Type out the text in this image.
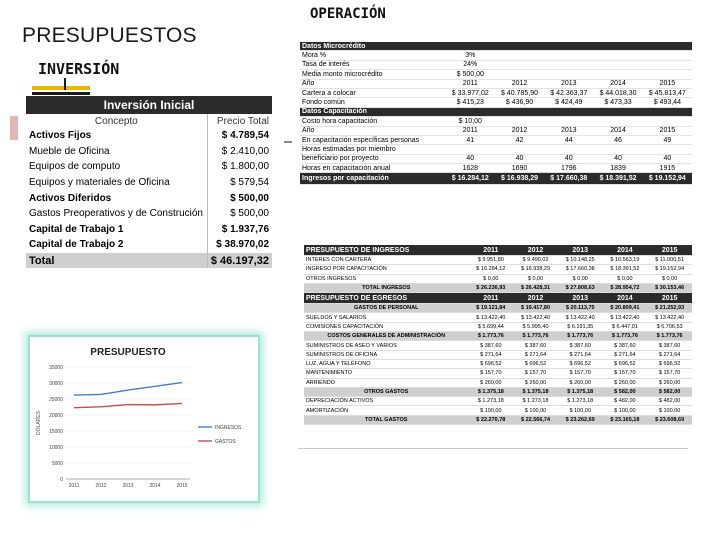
PRESUPUESTOS
OPERACIÓN
INVERSIÓN
Inversión Inicial	
Concepto	Precio Total
Activos Fijos	$ 4.789,54
Mueble de Oficina	$ 2.410,00
Equipos de computo	$ 1.800,00
Equipos y materiales de Oficina	$ 579,54
Activos Diferidos	$ 500,00
Gastos Preoperativos y de Construción	$ 500,00
Capital de Trabajo 1	$ 1.937,76
Capital de Trabajo 2	$ 38.970,02
Total	$ 46.197,32
Datos Microcrédito					
Mora %	3%				
Tasa de interés	24%				
Media monto microcrédito	$ 500,00				
Año	2011	2012	2013	2014	2015
Cartera a colocar	$ 33.977,02	$ 40.785,90	$ 42.363,37	$ 44.018,30	$ 45.813,47
Fondo común	$ 415,23	$ 436,90	$ 424,49	$ 473,33	$ 493,44
Datos Capacitación					
Costo hora capacitación	$ 10,00				
Año	2011	2012	2013	2014	2015
En capacitación específicas personas	41	42	44	46	49
Horas estimadas por miembro					
beneficiario por proyecto	40	40	40	40	40
Horas en capacitación anual	1628	1690	1796	1839	1915
Ingresos por capacitación	$ 16.284,12	$ 16.938,29	$ 17.660,38	$ 18.391,52	$ 19.152,94
PRESUPUESTO DE INGRESOS	2011	2012	2013	2014	2015
INTERES CON CARTERA	$ 9.951,80	$ 9.490,02	$ 10.148,25	$ 10.563,19	$ 11.000,51
INGRESO POR CAPACITACIÓN	$ 16.284,12	$ 16.938,29	$ 17.660,38	$ 18.391,52	$ 19.152,94
OTROS INGRESOS	$ 0,00	$ 0,00	$ 0,00	$ 0,00	$ 0,00
TOTAL INGRESOS	$ 26.236,93	$ 26.428,31	$ 27.808,63	$ 28.954,72	$ 30.153,46
PRESUPUESTO DE EGRESOS	2011	2012	2013	2014	2015
GASTOS DE PERSONAL	$ 19.121,84	$ 19.417,80	$ 20.113,75	$ 20.809,41	$ 21.252,93
SUELDOS Y SALARIOS	$ 13.422,40	$ 13.422,40	$ 13.422,40	$ 13.422,40	$ 13.422,40
COMISIONES CAPACITACIÓN	$ 5.699,44	$ 5.995,40	$ 6.191,35	$ 6.447,01	$ 6.706,53
COSTOS GENERALES DE ADMINISTRACIÓN	$ 1.773,76	$ 1.773,76	$ 1.773,76	$ 1.773,76	$ 1.773,76
SUMINISTROS DE ASEO Y VARIOS	$ 387,60	$ 387,60	$ 387,60	$ 387,60	$ 387,60
SUMINISTROS DE OFICINA	$ 271,64	$ 271,64	$ 271,64	$ 271,64	$ 271,64
LUZ, AGUA Y TELÉFONO	$ 696,52	$ 696,52	$ 696,52	$ 696,52	$ 696,52
MANTENIMIENTO	$ 157,70	$ 157,70	$ 157,70	$ 157,70	$ 157,70
ARRIENDO	$ 260,00	$ 260,00	$ 260,00	$ 260,00	$ 260,00
OTROS GASTOS	$ 1.375,18	$ 1.375,18	$ 1.375,18	$ 582,00	$ 582,00
DEPRECIACIÓN ACTIVOS	$ 1.273,18	$ 1.273,18	$ 1.273,18	$ 482,00	$ 482,00
AMORTIZACIÓN	$ 100,00	$ 100,00	$ 100,00	$ 100,00	$ 100,00
TOTAL GASTOS	$ 22.270,78	$ 22.566,74	$ 23.262,69	$ 23.165,18	$ 23.608,69
PRESUPUESTO
DÓLARES
0
5000
10000
15000
20000
25000
30000
35000
2011	2012	2013	2014	2015
INGRESOS
GASTOS
